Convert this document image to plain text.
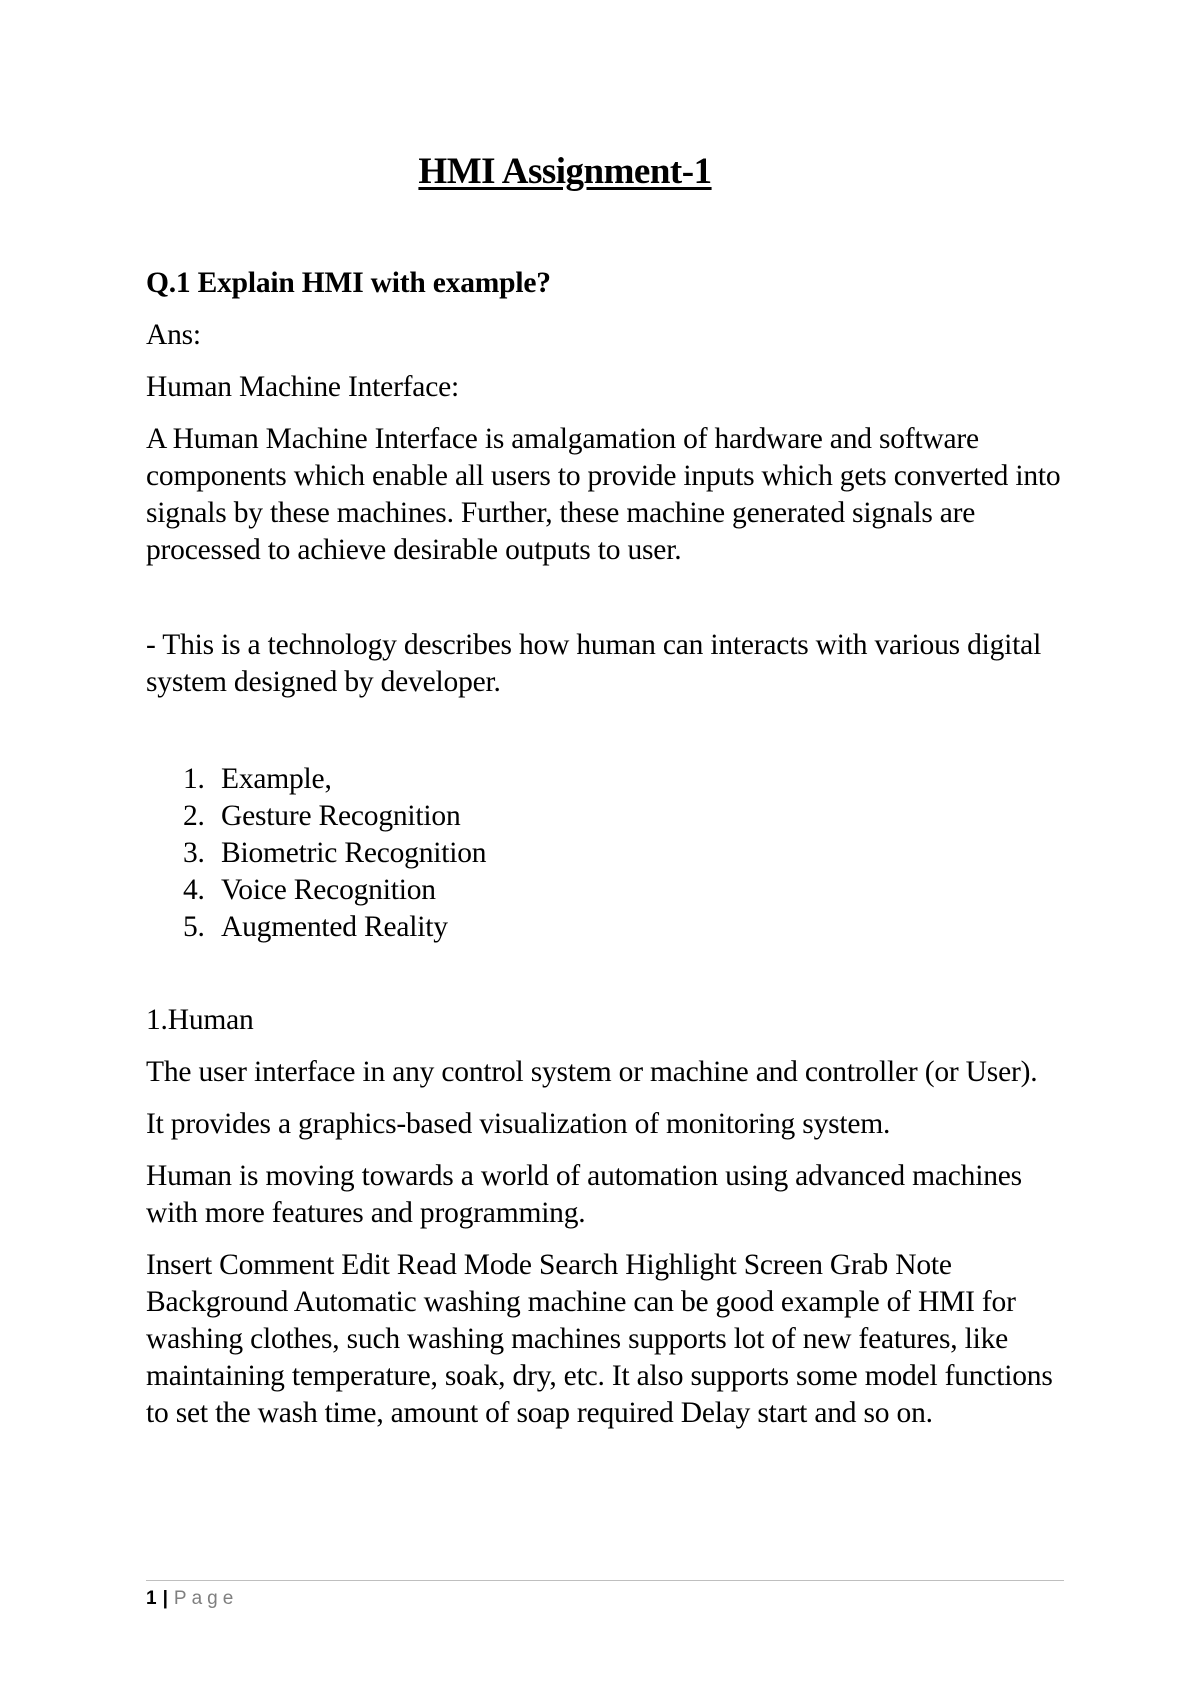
HMI Assignment-1

Q.1 Explain HMI with example?

Ans:

Human Machine Interface:

A Human Machine Interface is amalgamation of hardware and software components which enable all users to provide inputs which gets converted into signals by these machines. Further, these machine generated signals are processed to achieve desirable outputs to user.

- This is a technology describes how human can interacts with various digital system designed by developer.

1. Example,
2. Gesture Recognition
3. Biometric Recognition
4. Voice Recognition
5. Augmented Reality

1.Human

The user interface in any control system or machine and controller (or User).

It provides a graphics-based visualization of monitoring system.

Human is moving towards a world of automation using advanced machines with more features and programming.

Insert Comment Edit Read Mode Search Highlight Screen Grab Note Background Automatic washing machine can be good example of HMI for washing clothes, such washing machines supports lot of new features, like maintaining temperature, soak, dry, etc. It also supports some model functions to set the wash time, amount of soap required Delay start and so on.

1 | Page
